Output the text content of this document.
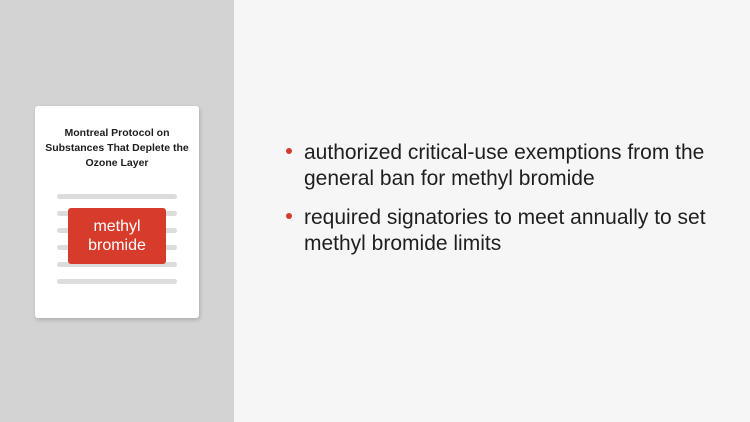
Montreal Protocol on Substances That Deplete the Ozone Layer
methyl
bromide
authorized critical-use exemptions from the general ban for methyl bromide
required signatories to meet annually to set methyl bromide limits
